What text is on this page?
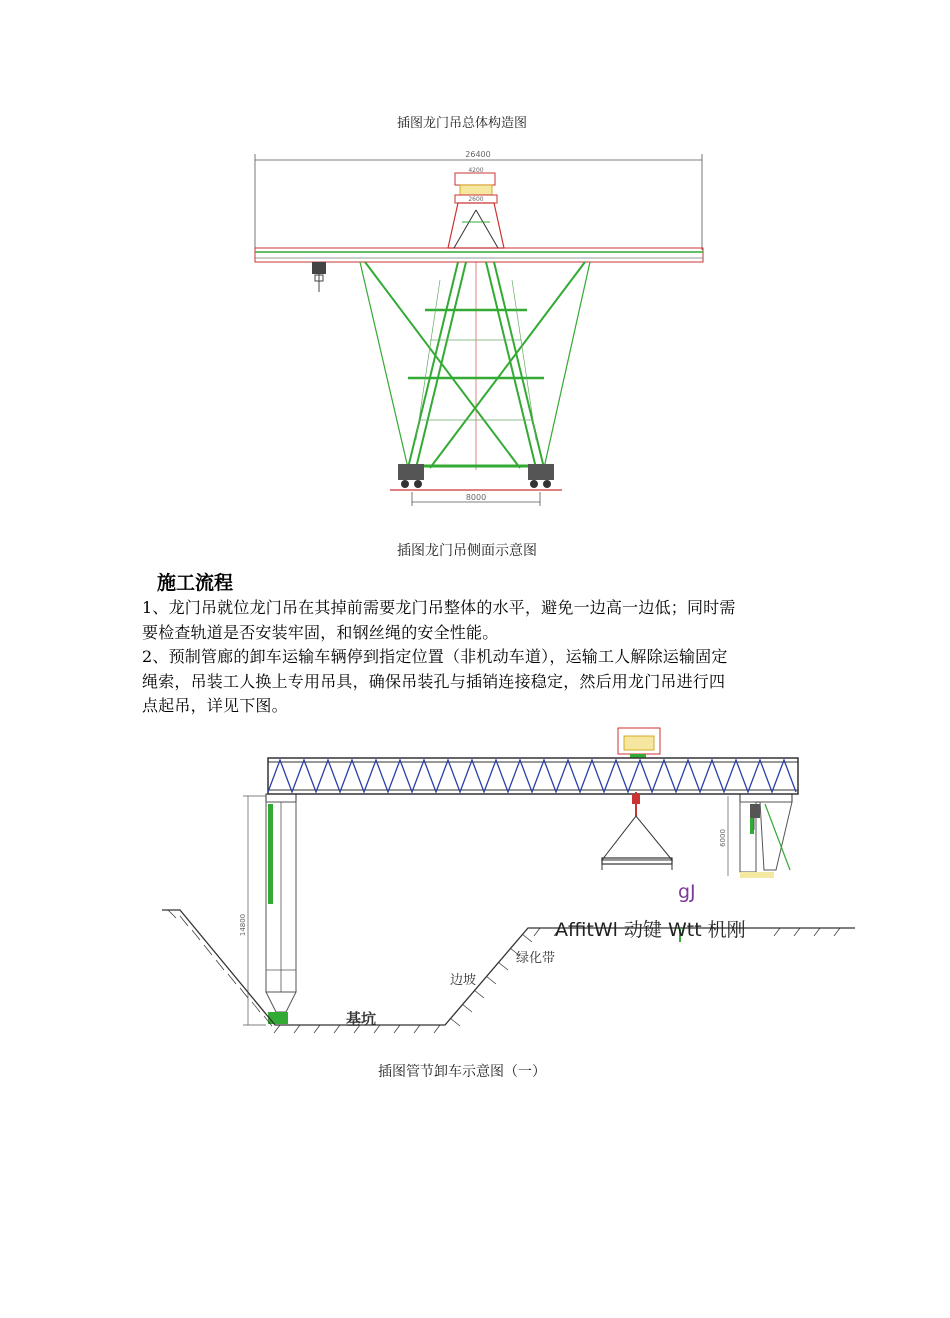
插图龙门吊总体构造图
26400
4200
2600
8000
插图龙门吊侧面示意图
施工流程
1、龙门吊就位龙门吊在其掉前需要龙门吊整体的水平，避免一边高一边低；同时需
要检查轨道是否安装牢固，和钢丝绳的安全性能。
2、预制管廊的卸车运输车辆停到指定位置（非机动车道），运输工人解除运输固定
绳索，吊装工人换上专用吊具，确保吊装孔与插销连接稳定，然后用龙门吊进行四
点起吊，详见下图。
14800
6000
gJ
AffitWl 动键 Wtt 机刚
绿化带
边坡
基坑
插图管节卸车示意图（一）
